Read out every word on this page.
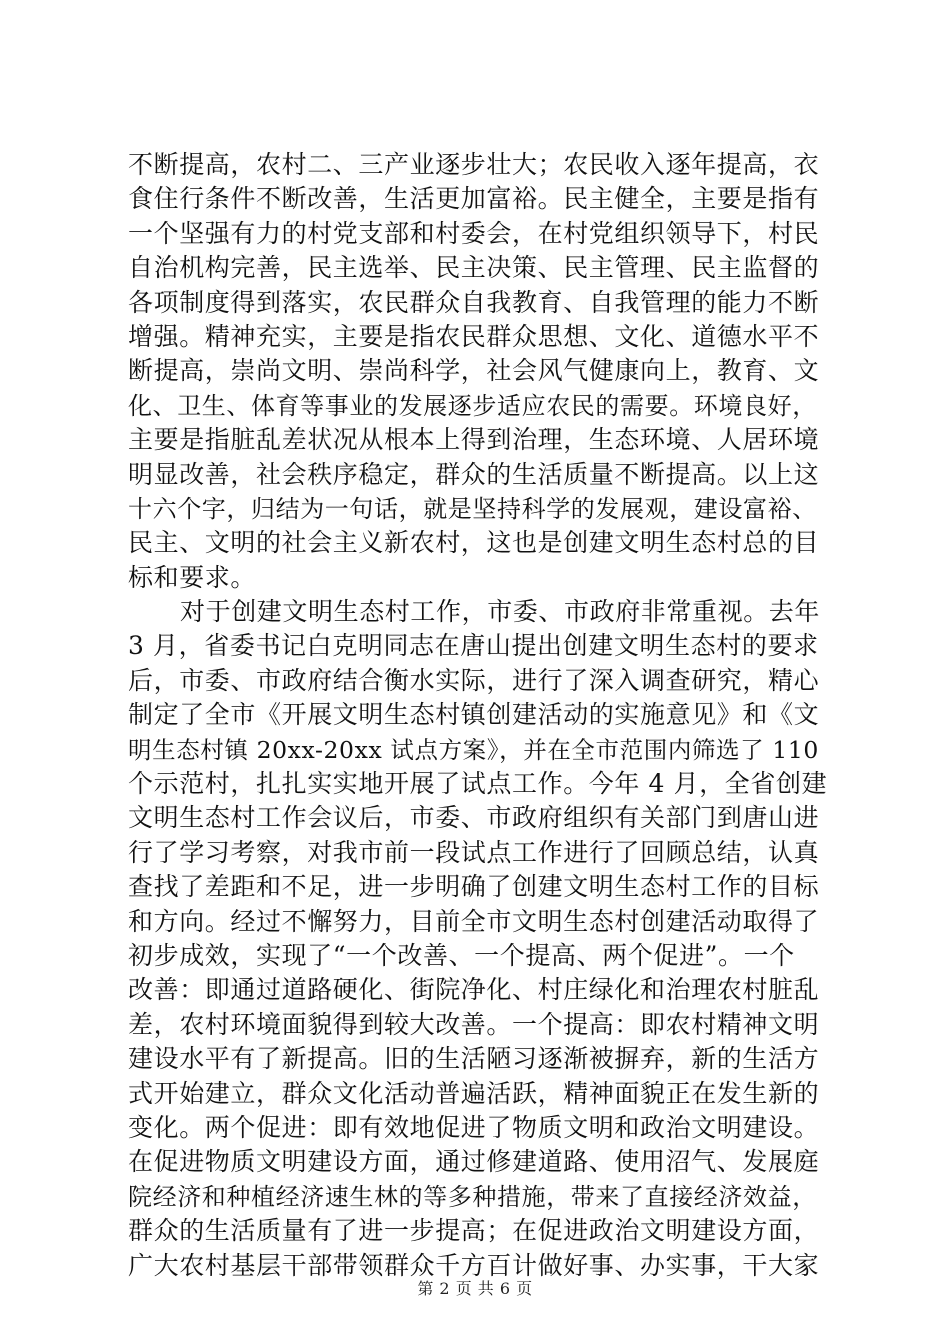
不断提高，农村二、三产业逐步壮大；农民收入逐年提高，衣
食住行条件不断改善，生活更加富裕。民主健全，主要是指有
一个坚强有力的村党支部和村委会，在村党组织领导下，村民
自治机构完善，民主选举、民主决策、民主管理、民主监督的
各项制度得到落实，农民群众自我教育、自我管理的能力不断
增强。精神充实，主要是指农民群众思想、文化、道德水平不
断提高，崇尚文明、崇尚科学，社会风气健康向上，教育、文
化、卫生、体育等事业的发展逐步适应农民的需要。环境良好，
主要是指脏乱差状况从根本上得到治理，生态环境、人居环境
明显改善，社会秩序稳定，群众的生活质量不断提高。以上这
十六个字，归结为一句话，就是坚持科学的发展观，建设富裕、
民主、文明的社会主义新农村，这也是创建文明生态村总的目
标和要求。
对于创建文明生态村工作，市委、市政府非常重视。去年
3 月，省委书记白克明同志在唐山提出创建文明生态村的要求
后，市委、市政府结合衡水实际，进行了深入调查研究，精心
制定了全市《开展文明生态村镇创建活动的实施意见》和《文
明生态村镇 20xx-20xx 试点方案》，并在全市范围内筛选了 110
个示范村，扎扎实实地开展了试点工作。今年 4 月，全省创建
文明生态村工作会议后，市委、市政府组织有关部门到唐山进
行了学习考察，对我市前一段试点工作进行了回顾总结，认真
查找了差距和不足，进一步明确了创建文明生态村工作的目标
和方向。经过不懈努力，目前全市文明生态村创建活动取得了
初步成效，实现了“一个改善、一个提高、两个促进”。一个
改善：即通过道路硬化、街院净化、村庄绿化和治理农村脏乱
差，农村环境面貌得到较大改善。一个提高：即农村精神文明
建设水平有了新提高。旧的生活陋习逐渐被摒弃，新的生活方
式开始建立，群众文化活动普遍活跃，精神面貌正在发生新的
变化。两个促进：即有效地促进了物质文明和政治文明建设。
在促进物质文明建设方面，通过修建道路、使用沼气、发展庭
院经济和种植经济速生林的等多种措施，带来了直接经济效益，
群众的生活质量有了进一步提高；在促进政治文明建设方面，
广大农村基层干部带领群众千方百计做好事、办实事，干大家
第 2 页 共 6 页
